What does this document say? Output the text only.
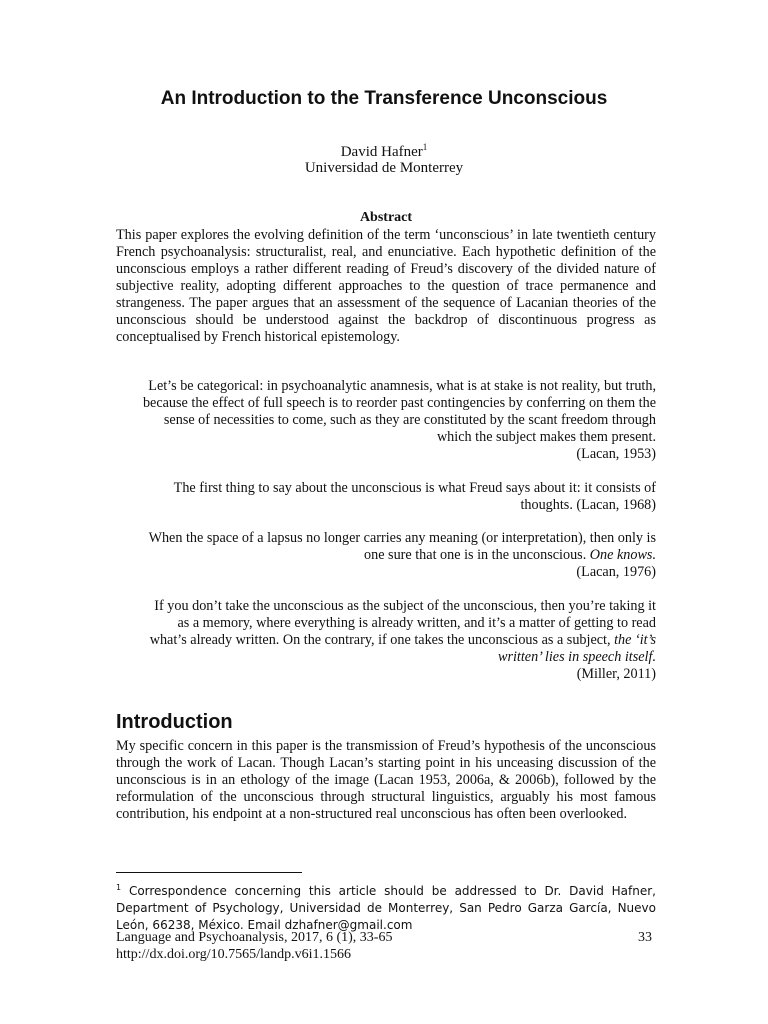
An Introduction to the Transference Unconscious
David Hafner$^1$
Universidad de Monterrey
Abstract
This paper explores the evolving definition of the term ‘unconscious’ in late twentieth century French psychoanalysis: structuralist, real, and enunciative. Each hypothetic definition of the unconscious employs a rather different reading of Freud’s discovery of the divided nature of subjective reality, adopting different approaches to the question of trace permanence and strangeness. The paper argues that an assessment of the sequence of Lacanian theories of the unconscious should be understood against the backdrop of discontinuous progress as conceptualised by French historical epistemology.
Let’s be categorical: in psychoanalytic anamnesis, what is at stake is not reality, but truth, because the effect of full speech is to reorder past contingencies by conferring on them the sense of necessities to come, such as they are constituted by the scant freedom through which the subject makes them present.
(Lacan, 1953)
The first thing to say about the unconscious is what Freud says about it: it consists of thoughts. (Lacan, 1968)
When the space of a lapsus no longer carries any meaning (or interpretation), then only is one sure that one is in the unconscious. One knows.
(Lacan, 1976)
If you don’t take the unconscious as the subject of the unconscious, then you’re taking it as a memory, where everything is already written, and it’s a matter of getting to read what’s already written. On the contrary, if one takes the unconscious as a subject, the ‘it’s written’ lies in speech itself.
(Miller, 2011)
Introduction
My specific concern in this paper is the transmission of Freud’s hypothesis of the unconscious through the work of Lacan. Though Lacan’s starting point in his unceasing discussion of the unconscious is in an ethology of the image (Lacan 1953, 2006a, & 2006b), followed by the reformulation of the unconscious through structural linguistics, arguably his most famous contribution, his endpoint at a non-structured real unconscious has often been overlooked.
$^1$ Correspondence concerning this article should be addressed to Dr. David Hafner, Department of Psychology, Universidad de Monterrey, San Pedro Garza García, Nuevo León, 66238, México. Email dzhafner@gmail.com
Language and Psychoanalysis, 2017, 6 (1), 33-65	33
http://dx.doi.org/10.7565/landp.v6i1.1566
